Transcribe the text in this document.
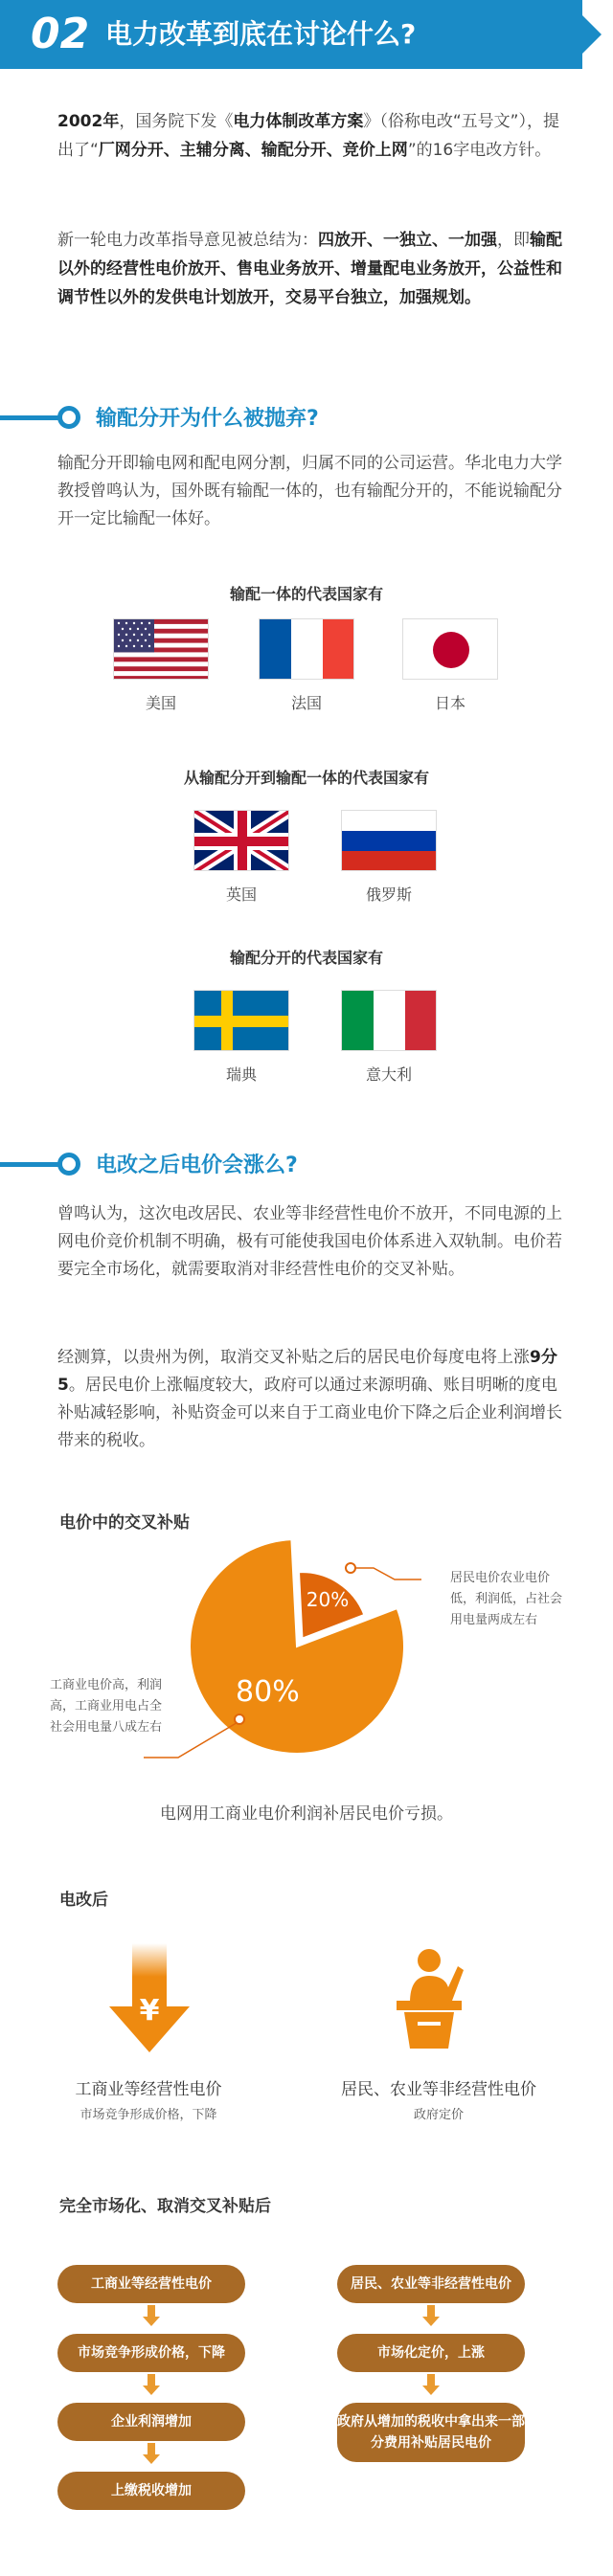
02 电力改革到底在讨论什么?

2002年，国务院下发《电力体制改革方案》（俗称电改“五号文”），提出了“厂网分开、主辅分离、输配分开、竞价上网”的16字电改方针。

新一轮电力改革指导意见被总结为：四放开、一独立、一加强，即输配以外的经营性电价放开、售电业务放开、增量配电业务放开，公益性和调节性以外的发供电计划放开，交易平台独立，加强规划。

输配分开为什么被抛弃?

输配分开即输电网和配电网分割，归属不同的公司运营。华北电力大学教授曾鸣认为，国外既有输配一体的，也有输配分开的，不能说输配分开一定比输配一体好。

输配一体的代表国家有
美国	法国	日本
从输配分开到输配一体的代表国家有
英国	俄罗斯
输配分开的代表国家有
瑞典	意大利
电改之后电价会涨么?

曾鸣认为，这次电改居民、农业等非经营性电价不放开，不同电源的上网电价竞价机制不明确，极有可能使我国电价体系进入双轨制。电价若要完全市场化，就需要取消对非经营性电价的交叉补贴。

经测算，以贵州为例，取消交叉补贴之后的居民电价每度电将上涨9分5。居民电价上涨幅度较大，政府可以通过来源明确、账目明晰的度电补贴减轻影响，补贴资金可以来自于工商业电价下降之后企业利润增长带来的税收。

电价中的交叉补贴
80%
20%
居民电价农业电价低，利润低，占社会用电量两成左右
工商业电价高，利润高，工商业用电占全社会用电量八成左右
电网用工商业电价利润补居民电价亏损。
电改后
¥
工商业等经营性电价
市场竞争形成价格，下降
居民、农业等非经营性电价
政府定价
完全市场化、取消交叉补贴后
工商业等经营性电价
市场竞争形成价格，下降
企业利润增加
上缴税收增加
居民、农业等非经营性电价
市场化定价，上涨
政府从增加的税收中拿出来一部分费用补贴居民电价
